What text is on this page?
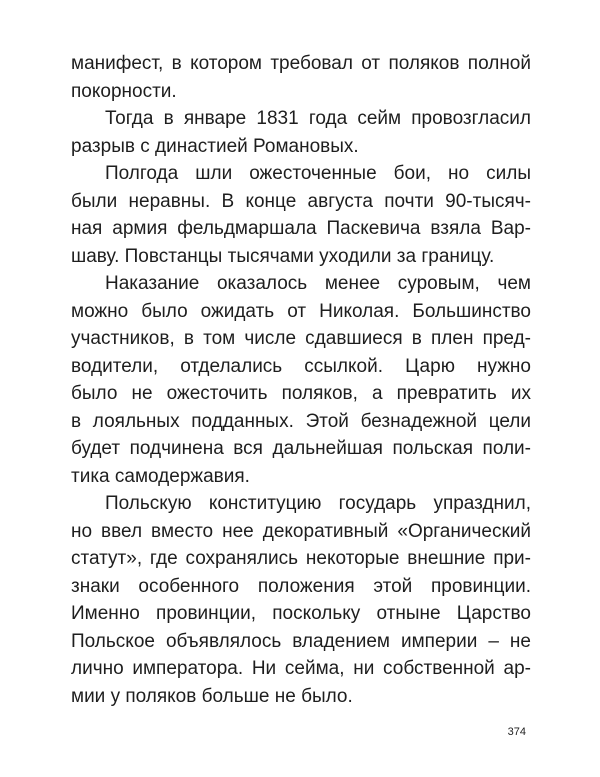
манифест, в котором требовал от поляков полной
покорности.
Тогда в январе 1831 года сейм провозгласил
разрыв с династией Романовых.
Полгода шли ожесточенные бои, но силы
были неравны. В конце августа почти 90-тысяч-
ная армия фельдмаршала Паскевича взяла Вар-
шаву. Повстанцы тысячами уходили за границу.
Наказание оказалось менее суровым, чем
можно было ожидать от Николая. Большинство
участников, в том числе сдавшиеся в плен пред-
водители, отделались ссылкой. Царю нужно
было не ожесточить поляков, а превратить их
в лояльных подданных. Этой безнадежной цели
будет подчинена вся дальнейшая польская поли-
тика самодержавия.
Польскую конституцию государь упразднил,
но ввел вместо нее декоративный «Органический
статут», где сохранялись некоторые внешние при-
знаки особенного положения этой провинции.
Именно провинции, поскольку отныне Царство
Польское объявлялось владением империи – не
лично императора. Ни сейма, ни собственной ар-
мии у поляков больше не было.
374
